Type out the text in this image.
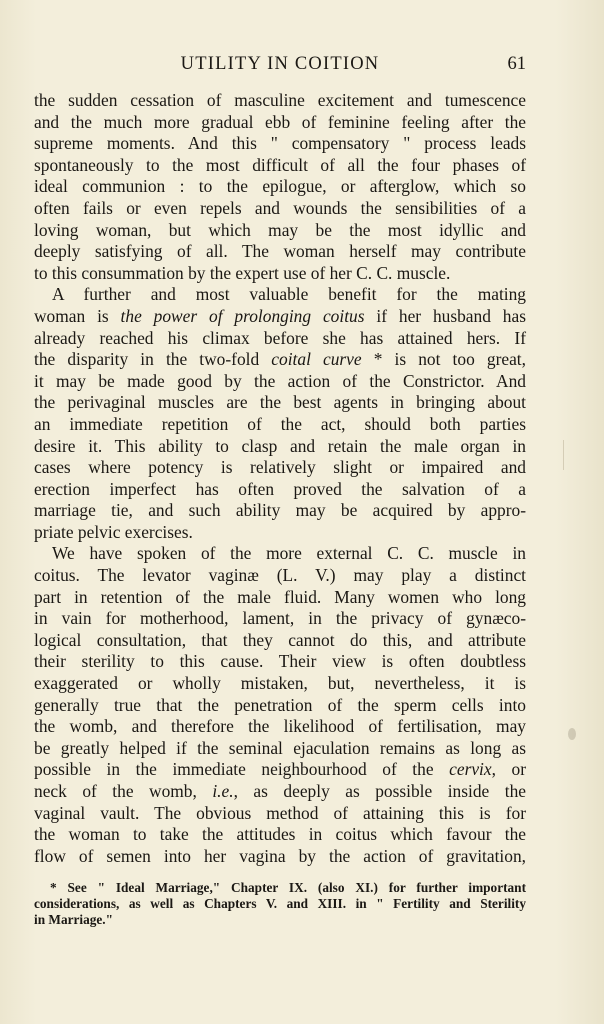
UTILITY IN COITION	61
the sudden cessation of masculine excitement and tumescence
and the much more gradual ebb of feminine feeling after the
supreme moments. And this " compensatory " process leads
spontaneously to the most difficult of all the four phases of
ideal communion : to the epilogue, or afterglow, which so
often fails or even repels and wounds the sensibilities of a
loving woman, but which may be the most idyllic and
deeply satisfying of all. The woman herself may contribute
to this consummation by the expert use of her C. C. muscle.
A further and most valuable benefit for the mating
woman is the power of prolonging coitus if her husband has
already reached his climax before she has attained hers. If
the disparity in the two-fold coital curve * is not too great,
it may be made good by the action of the Constrictor. And
the perivaginal muscles are the best agents in bringing about
an immediate repetition of the act, should both parties
desire it. This ability to clasp and retain the male organ in
cases where potency is relatively slight or impaired and
erection imperfect has often proved the salvation of a
marriage tie, and such ability may be acquired by appro-
priate pelvic exercises.
We have spoken of the more external C. C. muscle in
coitus. The levator vaginæ (L. V.) may play a distinct
part in retention of the male fluid. Many women who long
in vain for motherhood, lament, in the privacy of gynæco-
logical consultation, that they cannot do this, and attribute
their sterility to this cause. Their view is often doubtless
exaggerated or wholly mistaken, but, nevertheless, it is
generally true that the penetration of the sperm cells into
the womb, and therefore the likelihood of fertilisation, may
be greatly helped if the seminal ejaculation remains as long as
possible in the immediate neighbourhood of the cervix, or
neck of the womb, i.e., as deeply as possible inside the
vaginal vault. The obvious method of attaining this is for
the woman to take the attitudes in coitus which favour the
flow of semen into her vagina by the action of gravitation,
* See " Ideal Marriage," Chapter IX. (also XI.) for further important
considerations, as well as Chapters V. and XIII. in " Fertility and Sterility
in Marriage."
